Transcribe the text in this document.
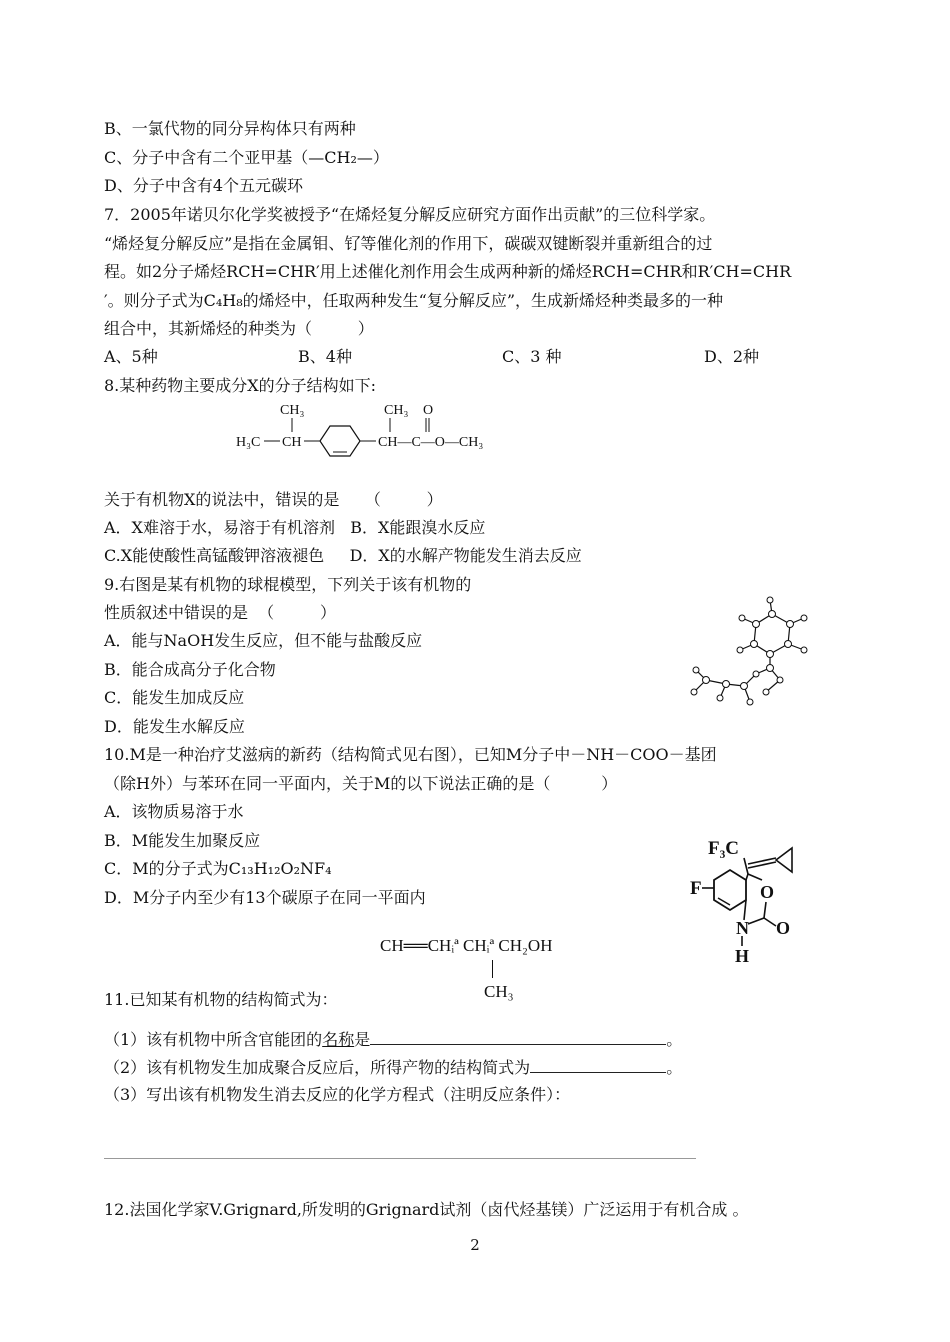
B、一氯代物的同分异构体只有两种
C、分子中含有二个亚甲基（—CH₂—）
D、分子中含有4个五元碳环
7．2005年诺贝尔化学奖被授予“在烯烃复分解反应研究方面作出贡献”的三位科学家。
“烯烃复分解反应”是指在金属钼、钌等催化剂的作用下，碳碳双键断裂并重新组合的过
程。如2分子烯烃RCH=CHR′用上述催化剂作用会生成两种新的烯烃RCH=CHR和R′CH=CHR
′。则分子式为C₄H₈的烯烃中，任取两种发生“复分解反应”，生成新烯烃种类最多的一种
组合中，其新烯烃的种类为（         ）
A、5种	B、4种	C、3 种	D、2种
8.某种药物主要成分X的分子结构如下:
CH₃
H₃C CH
CH₃ O
CH—C—O—CH₃
关于有机物X的说法中，错误的是     （         ）
A．X难溶于水，易溶于有机溶剂   B．X能跟溴水反应
C.X能使酸性高锰酸钾溶液褪色     D．X的水解产物能发生消去反应
9.右图是某有机物的球棍模型，下列关于该有机物的
性质叙述中错误的是  （         ）
A．能与NaOH发生反应，但不能与盐酸反应
B．能合成高分子化合物
C．能发生加成反应
D．能发生水解反应
10.M是一种治疗艾滋病的新药（结构简式见右图），已知M分子中－NH－COO－基团
（除H外）与苯环在同一平面内，关于M的以下说法正确的是（          ）
A．该物质易溶于水
B．M能发生加聚反应
C．M的分子式为C₁₃H₁₂O₂NF₄
D．M分子内至少有13个碳原子在同一平面内
F₃C
F	O
O
N
H
CH══CHᵢª CHᵢª CH₂OH
CH₃
11.已知某有机物的结构简式为：
（1）该有机物中所含官能团的名称是	。
（2）该有机物发生加成聚合反应后，所得产物的结构简式为	。
（3）写出该有机物发生消去反应的化学方程式（注明反应条件）：
12.法国化学家V.Grignard,所发明的Grignard试剂（卤代烃基镁）广泛运用于有机合成 。
2
